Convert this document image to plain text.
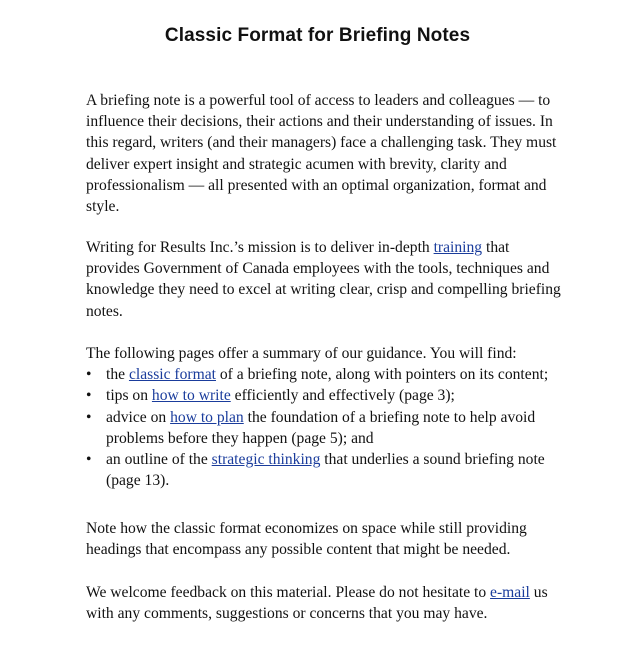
Classic Format for Briefing Notes

A briefing note is a powerful tool of access to leaders and colleagues — to influence their decisions, their actions and their understanding of issues. In this regard, writers (and their managers) face a challenging task. They must deliver expert insight and strategic acumen with brevity, clarity and professionalism — all presented with an optimal organization, format and style.

Writing for Results Inc.’s mission is to deliver in-depth training that provides Government of Canada employees with the tools, techniques and knowledge they need to excel at writing clear, crisp and compelling briefing notes.

The following pages offer a summary of our guidance. You will find:

• the classic format of a briefing note, along with pointers on its content;
• tips on how to write efficiently and effectively (page 3);
• advice on how to plan the foundation of a briefing note to help avoid problems before they happen (page 5); and
• an outline of the strategic thinking that underlies a sound briefing note (page 13).

Note how the classic format economizes on space while still providing headings that encompass any possible content that might be needed.

We welcome feedback on this material. Please do not hesitate to e-mail us with any comments, suggestions or concerns that you may have.
